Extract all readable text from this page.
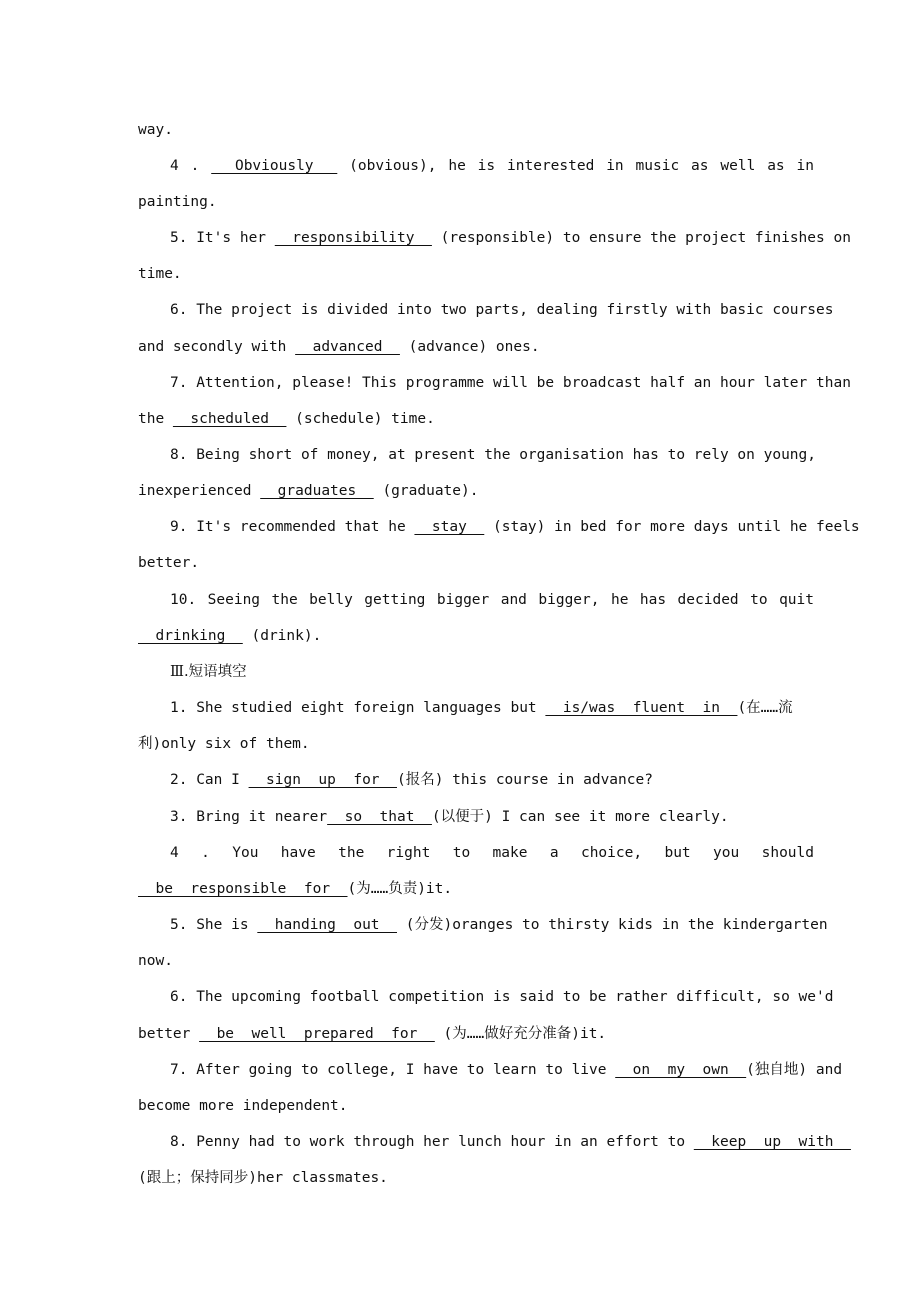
way.
4 .   Obviously   (obvious), he is interested in music as well as in
painting.
5. It's her   responsibility   (responsible) to ensure the project finishes on
time.
6. The project is divided into two parts, dealing firstly with basic courses
and secondly with   advanced   (advance) ones.
7. Attention, please! This programme will be broadcast half an hour later than
the   scheduled   (schedule) time.
8. Being short of money, at present the organisation has to rely on young,
inexperienced   graduates   (graduate).
9. It's recommended that he   stay   (stay) in bed for more days until he feels
better.
10. Seeing the belly getting bigger and bigger, he has decided to quit
drinking   (drink).
Ⅲ.短语填空
1. She studied eight foreign languages but   is/was  fluent  in  (在……流
利)only six of them.
2. Can I   sign  up  for  (报名) this course in advance?
3. Bring it nearer  so  that  (以便于) I can see it more clearly.
4 . You have the right to make a choice, but you should
be  responsible  for  (为……负责)it.
5. She is   handing  out   (分发)oranges to thirsty kids in the kindergarten
now.
6. The upcoming football competition is said to be rather difficult, so we'd
better   be  well  prepared  for   (为……做好充分准备)it.
7. After going to college, I have to learn to live   on  my  own  (独自地) and
become more independent.
8. Penny had to work through her lunch hour in an effort to   keep  up  with
(跟上；保持同步)her classmates.
